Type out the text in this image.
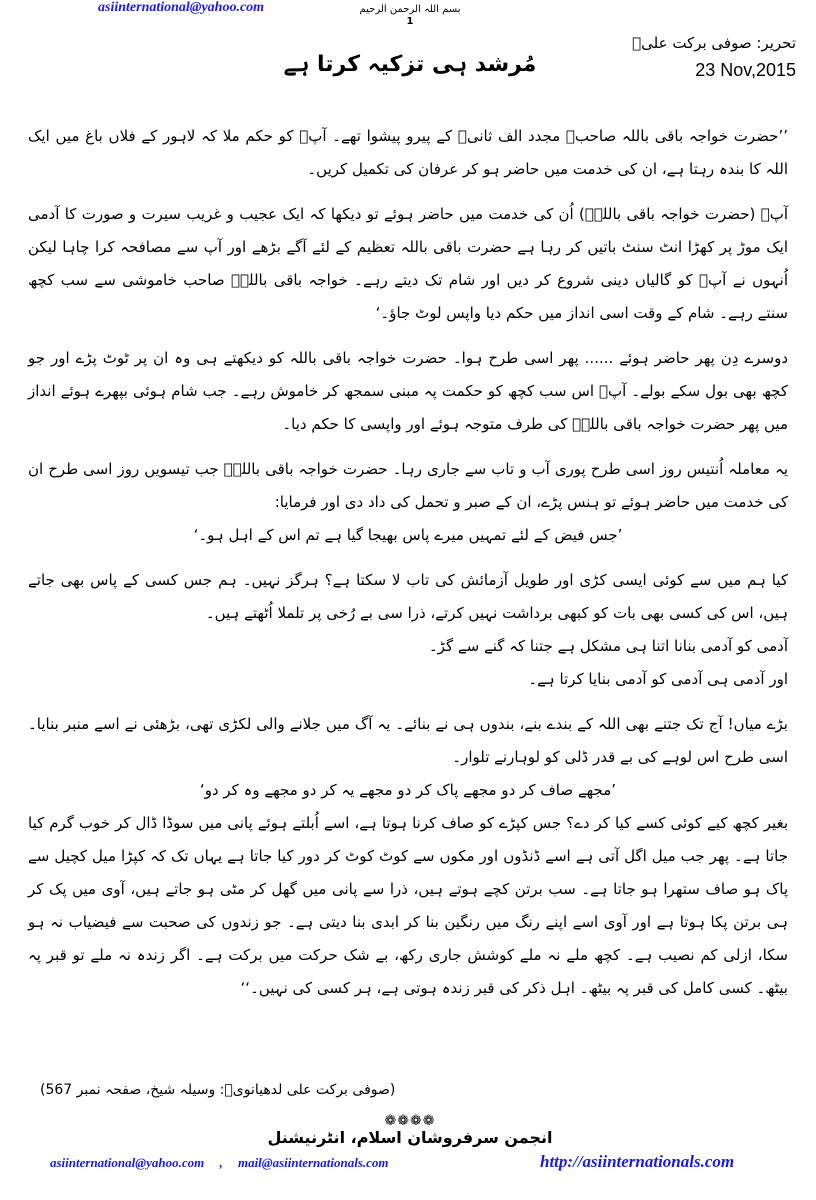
asiinternational@yahoo.com	بسم اللہ الرحمن الرحیم
1
مُرشد ہی تزکیہ کرتا ہے
تحریر: صوفی برکت علیؒ
23 Nov,2015

’’حضرت خواجہ باقی باللہ صاحبؒ مجدد الف ثانیؒ کے پیرو پیشوا تھے۔ آپؒ کو حکم ملا کہ لاہور کے فلاں باغ میں ایک اللہ کا بندہ رہتا ہے، ان کی خدمت میں حاضر ہو کر عرفان کی تکمیل کریں۔

آپؒ (حضرت خواجہ باقی باللہؒ) اُن کی خدمت میں حاضر ہوئے تو دیکھا کہ ایک عجیب و غریب سیرت و صورت کا آدمی ایک موڑ پر کھڑا انٹ سنٹ باتیں کر رہا ہے حضرت باقی باللہ تعظیم کے لئے آگے بڑھے اور آپ سے مصافحہ کرا چاہا لیکن اُنہوں نے آپؒ کو گالیاں دینی شروع کر دیں اور شام تک دیتے رہے۔ خواجہ باقی باللہؒ صاحب خاموشی سے سب کچھ سنتے رہے۔ شام کے وقت اسی انداز میں حکم دیا واپس لوٹ جاؤ۔‘

دوسرے دِن پھر حاضر ہوئے ...... پھر اسی طرح ہوا۔ حضرت خواجہ باقی باللہ کو دیکھتے ہی وہ ان پر ٹوٹ پڑے اور جو کچھ بھی بول سکے بولے۔ آپؒ اس سب کچھ کو حکمت پہ مبنی سمجھ کر خاموش رہے۔ جب شام ہوئی بپھرے ہوئے انداز میں پھر حضرت خواجہ باقی باللہؒ کی طرف متوجہ ہوئے اور واپسی کا حکم دیا۔

یہ معاملہ اُنتیس روز اسی طرح پوری آب و تاب سے جاری رہا۔ حضرت خواجہ باقی باللہؒ جب تیسویں روز اسی طرح ان کی خدمت میں حاضر ہوئے تو ہنس پڑے، ان کے صبر و تحمل کی داد دی اور فرمایا:

’جس فیض کے لئے تمہیں میرے پاس بھیجا گیا ہے تم اس کے اہل ہو۔‘

کیا ہم میں سے کوئی ایسی کڑی اور طویل آزمائش کی تاب لا سکتا ہے؟ ہرگز نہیں۔ ہم جس کسی کے پاس بھی جاتے ہیں، اس کی کسی بھی بات کو کبھی برداشت نہیں کرتے، ذرا سی بے رُخی پر تلملا اُٹھتے ہیں۔

آدمی کو آدمی بنانا اتنا ہی مشکل ہے جتنا کہ گنے سے گڑ۔

اور آدمی ہی آدمی کو آدمی بنایا کرتا ہے۔

بڑے میاں! آج تک جتنے بھی اللہ کے بندے بنے، بندوں ہی نے بنائے۔ یہ آگ میں جلانے والی لکڑی تھی، بڑھئی نے اسے منبر بنایا۔ اسی طرح اس لوہے کی بے قدر ڈلی کو لوہارنے تلوار۔

’مجھے صاف کر دو مجھے پاک کر دو مجھے یہ کر دو مجھے وہ کر دو‘

بغیر کچھ کیے کوئی کسے کیا کر دے؟ جس کپڑے کو صاف کرنا ہوتا ہے، اسے اُبلتے ہوئے پانی میں سوڈا ڈال کر خوب گرم کیا جاتا ہے۔ پھر جب میل اگل آتی ہے اسے ڈنڈوں اور مکوں سے کوٹ کوٹ کر دور کیا جاتا ہے یہاں تک کہ کپڑا میل کچیل سے پاک ہو صاف ستھرا ہو جاتا ہے۔ سب برتن کچے ہوتے ہیں، ذرا سے پانی میں گھل کر مٹی ہو جاتے ہیں، آوی میں پک کر ہی برتن پکا ہوتا ہے اور آوی اسے اپنے رنگ میں رنگین بنا کر ابدی بنا دیتی ہے۔ جو زندوں کی صحبت سے فیضیاب نہ ہو سکا، ازلی کم نصیب ہے۔ کچھ ملے نہ ملے کوشش جاری رکھ، بے شک حرکت میں برکت ہے۔ اگر زندہ نہ ملے تو قبر پہ بیٹھ۔ کسی کامل کی قبر پہ بیٹھ۔ اہل ذکر کی قبر زندہ ہوتی ہے، ہر کسی کی نہیں۔‘‘

(صوفی برکت علی لدھیانویؒ: وسیلہ شیخ، صفحہ نمبر 567)
❁❁❁❁
انجمن سرفروشان اسلام، انٹرنیشنل
asiinternational@yahoo.com , mail@asiinternationals.com	http://asiinternationals.com
